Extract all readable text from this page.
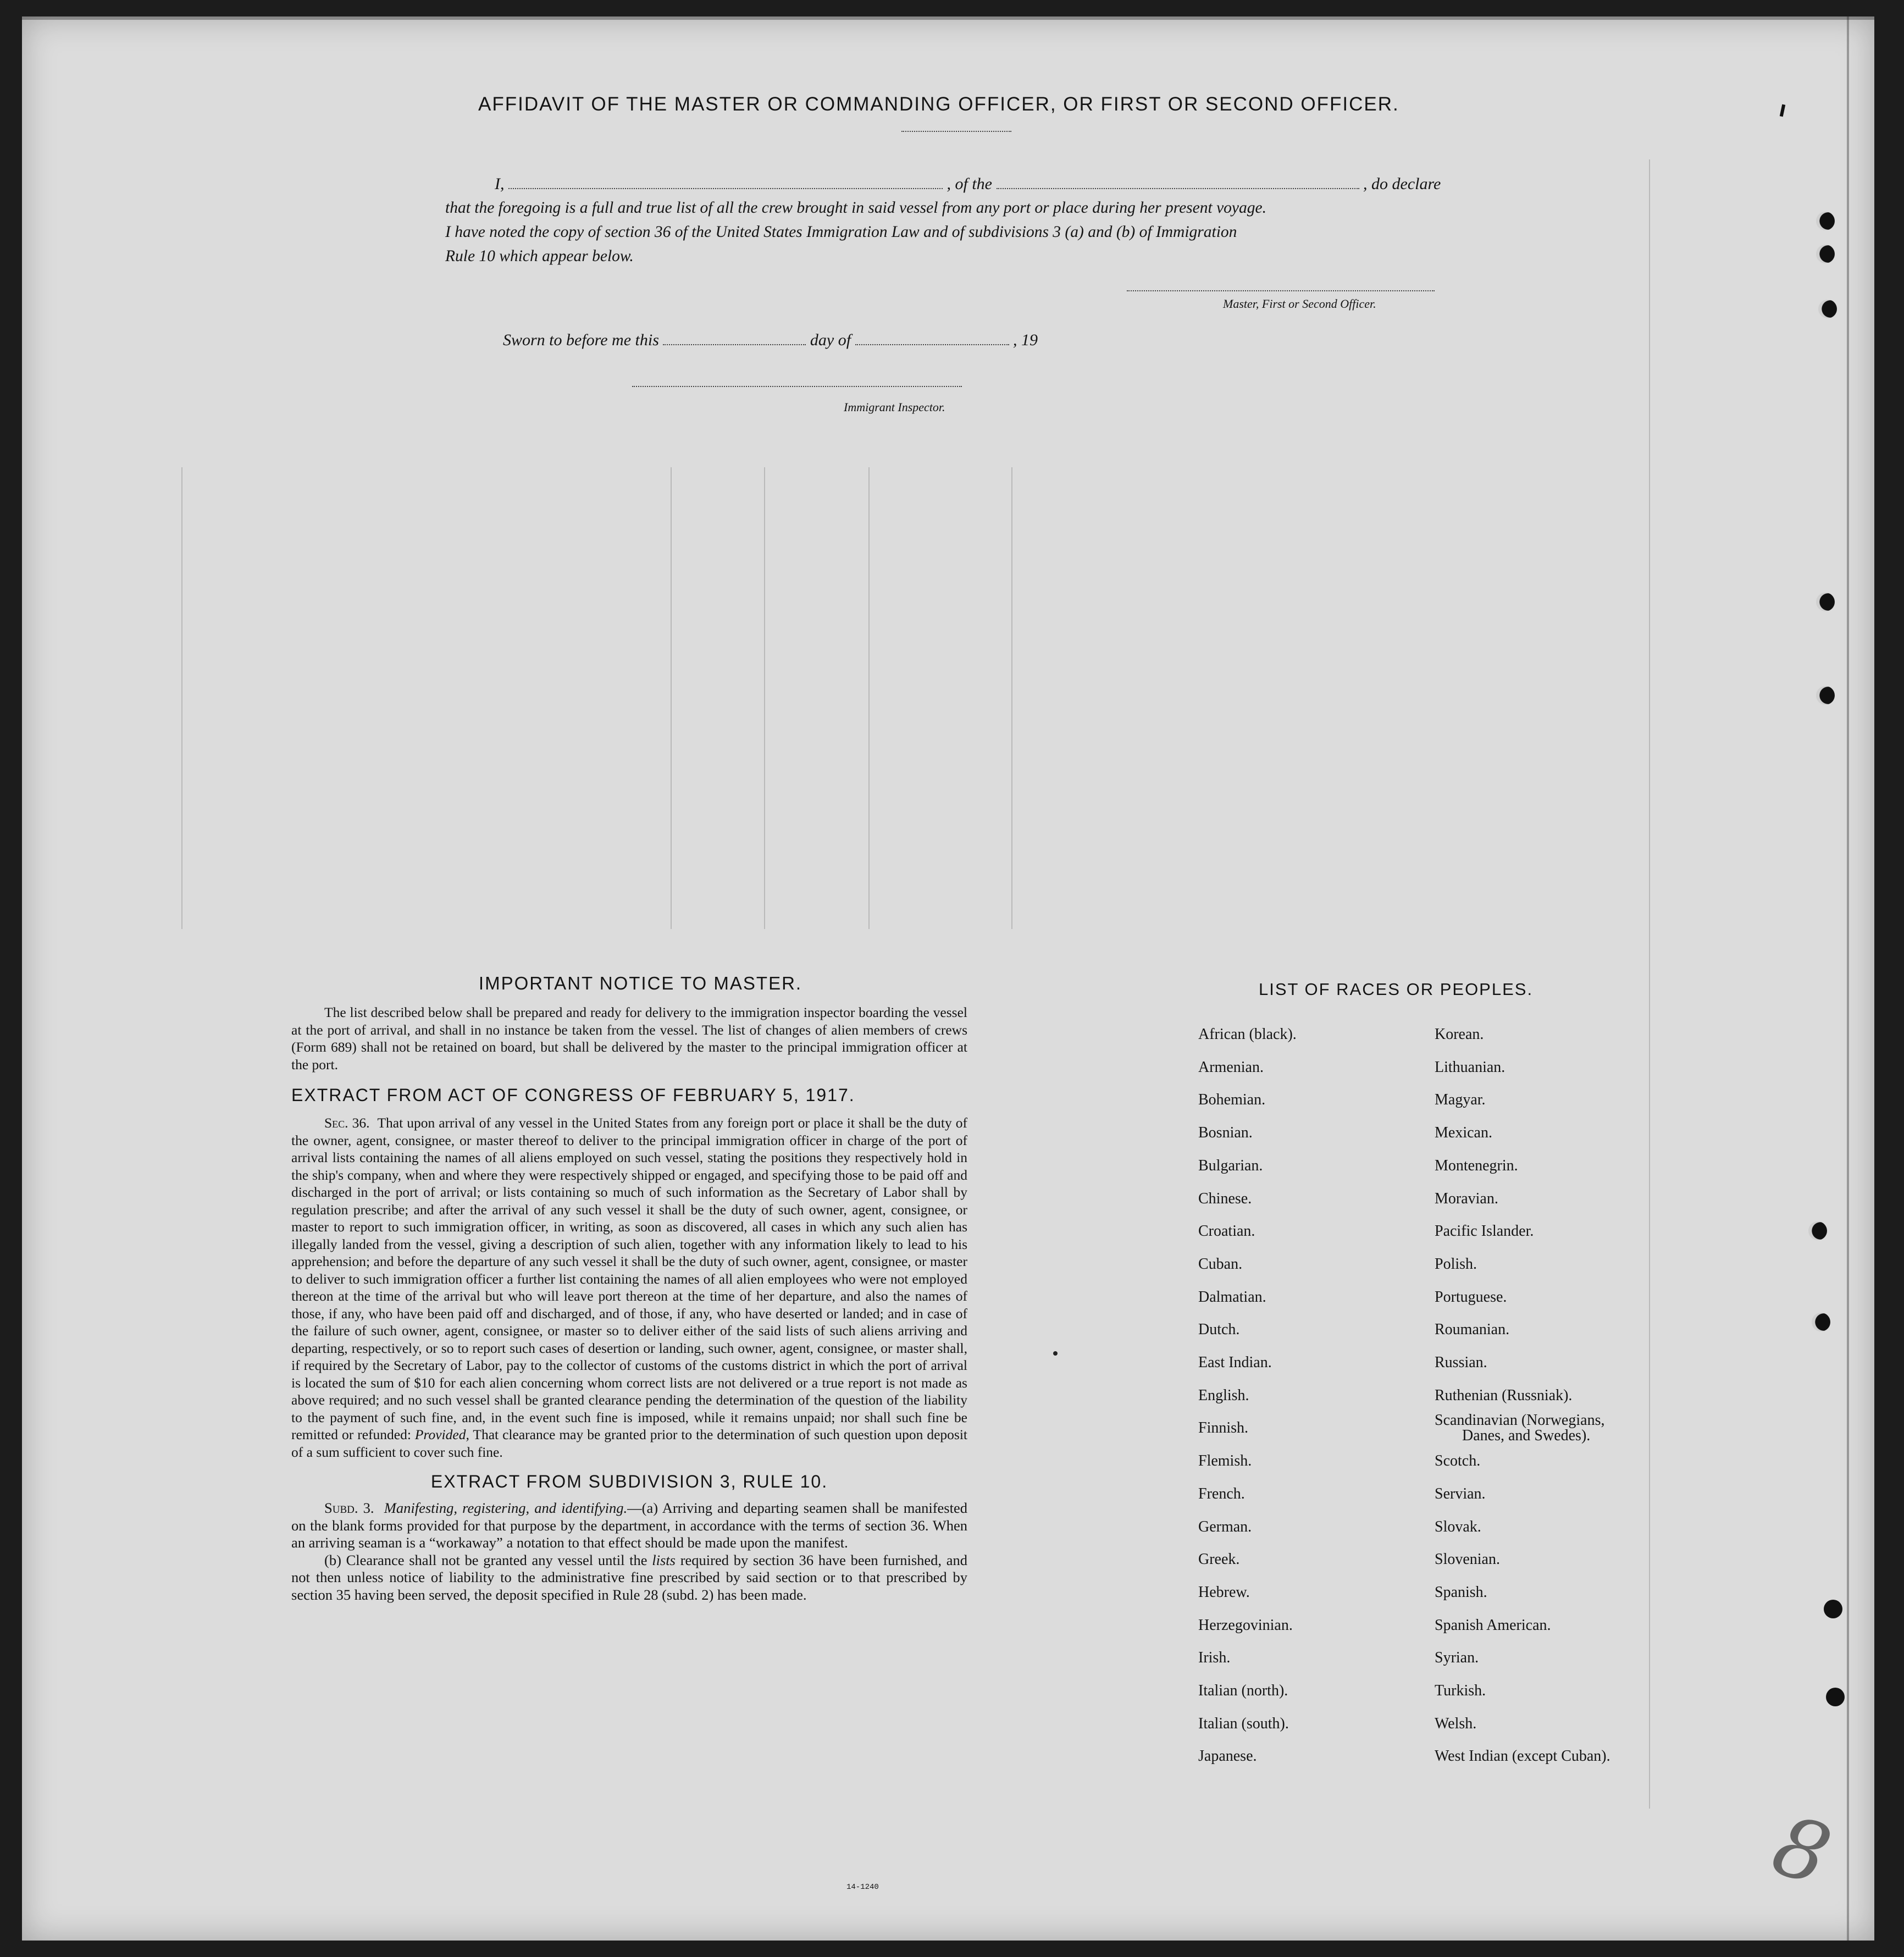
AFFIDAVIT OF THE MASTER OR COMMANDING OFFICER, OR FIRST OR SECOND OFFICER.
I,	, of the	, do declare
that the foregoing is a full and true list of all the crew brought in said vessel from any port or place during her present voyage.
I have noted the copy of section 36 of the United States Immigration Law and of subdivisions 3 (a) and (b) of Immigration
Rule 10 which appear below.
Master, First or Second Officer.
Sworn to before me this	day of	, 19
Immigrant Inspector.
IMPORTANT NOTICE TO MASTER.

The list described below shall be prepared and ready for delivery to the immigration inspector boarding the vessel at the port of arrival, and shall in no instance be taken from the vessel. The list of changes of alien members of crews (Form 689) shall not be retained on board, but shall be delivered by the master to the principal immigration officer at the port.

EXTRACT FROM ACT OF CONGRESS OF FEBRUARY 5, 1917.

Sec. 36. That upon arrival of any vessel in the United States from any foreign port or place it shall be the duty of the owner, agent, consignee, or master thereof to deliver to the principal immigration officer in charge of the port of arrival lists containing the names of all aliens employed on such vessel, stating the positions they respectively hold in the ship's company, when and where they were respectively shipped or engaged, and specifying those to be paid off and discharged in the port of arrival; or lists containing so much of such information as the Secretary of Labor shall by regulation prescribe; and after the arrival of any such vessel it shall be the duty of such owner, agent, consignee, or master to report to such immigration officer, in writing, as soon as discovered, all cases in which any such alien has illegally landed from the vessel, giving a description of such alien, together with any information likely to lead to his apprehension; and before the departure of any such vessel it shall be the duty of such owner, agent, consignee, or master to deliver to such immigration officer a further list containing the names of all alien employees who were not employed thereon at the time of the arrival but who will leave port thereon at the time of her departure, and also the names of those, if any, who have been paid off and discharged, and of those, if any, who have deserted or landed; and in case of the failure of such owner, agent, consignee, or master so to deliver either of the said lists of such aliens arriving and departing, respectively, or so to report such cases of desertion or landing, such owner, agent, consignee, or master shall, if required by the Secretary of Labor, pay to the collector of customs of the customs district in which the port of arrival is located the sum of $10 for each alien concerning whom correct lists are not delivered or a true report is not made as above required; and no such vessel shall be granted clearance pending the determination of the question of the liability to the payment of such fine, and, in the event such fine is imposed, while it remains unpaid; nor shall such fine be remitted or refunded: Provided, That clearance may be granted prior to the determination of such question upon deposit of a sum sufficient to cover such fine.

EXTRACT FROM SUBDIVISION 3, RULE 10.

Subd. 3. Manifesting, registering, and identifying.—(a) Arriving and departing seamen shall be manifested on the blank forms provided for that purpose by the department, in accordance with the terms of section 36. When an arriving seaman is a “workaway” a notation to that effect should be made upon the manifest.

(b) Clearance shall not be granted any vessel until the lists required by section 36 have been furnished, and not then unless notice of liability to the administrative fine prescribed by said section or to that prescribed by section 35 having been served, the deposit specified in Rule 28 (subd. 2) has been made.

14-1240
LIST OF RACES OR PEOPLES.
African (black).
Armenian.
Bohemian.
Bosnian.
Bulgarian.
Chinese.
Croatian.
Cuban.
Dalmatian.
Dutch.
East Indian.
English.
Finnish.
Flemish.
French.
German.
Greek.
Hebrew.
Herzegovinian.
Irish.
Italian (north).
Italian (south).
Japanese.
Korean.
Lithuanian.
Magyar.
Mexican.
Montenegrin.
Moravian.
Pacific Islander.
Polish.
Portuguese.
Roumanian.
Russian.
Ruthenian (Russniak).
Scandinavian (Norwegians,
Danes, and Swedes).
Scotch.
Servian.
Slovak.
Slovenian.
Spanish.
Spanish American.
Syrian.
Turkish.
Welsh.
West Indian (except Cuban).
8
